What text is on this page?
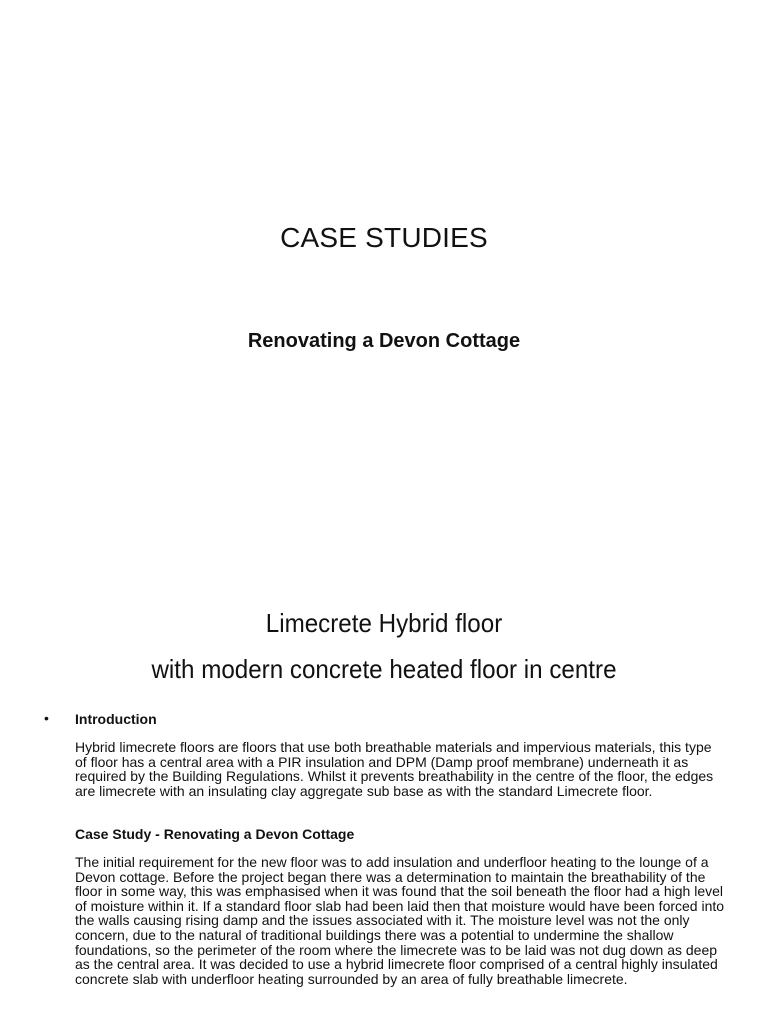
CASE STUDIES
Renovating a Devon Cottage
Limecrete Hybrid floor
with modern concrete heated floor in centre
• Introduction

Hybrid limecrete floors are floors that use both breathable materials and impervious materials, this type of floor has a central area with a PIR insulation and DPM (Damp proof membrane) underneath it as required by the Building Regulations. Whilst it prevents breathability in the centre of the floor, the edges are limecrete with an insulating clay aggregate sub base as with the standard Limecrete floor.

Case Study - Renovating a Devon Cottage

The initial requirement for the new floor was to add insulation and underfloor heating to the lounge of a Devon cottage. Before the project began there was a determination to maintain the breathability of the floor in some way, this was emphasised when it was found that the soil beneath the floor had a high level of moisture within it. If a standard floor slab had been laid then that moisture would have been forced into the walls causing rising damp and the issues associated with it. The moisture level was not the only concern, due to the natural of traditional buildings there was a potential to undermine the shallow foundations, so the perimeter of the room where the limecrete was to be laid was not dug down as deep as the central area. It was decided to use a hybrid limecrete floor comprised of a central highly insulated concrete slab with underfloor heating surrounded by an area of fully breathable limecrete.
